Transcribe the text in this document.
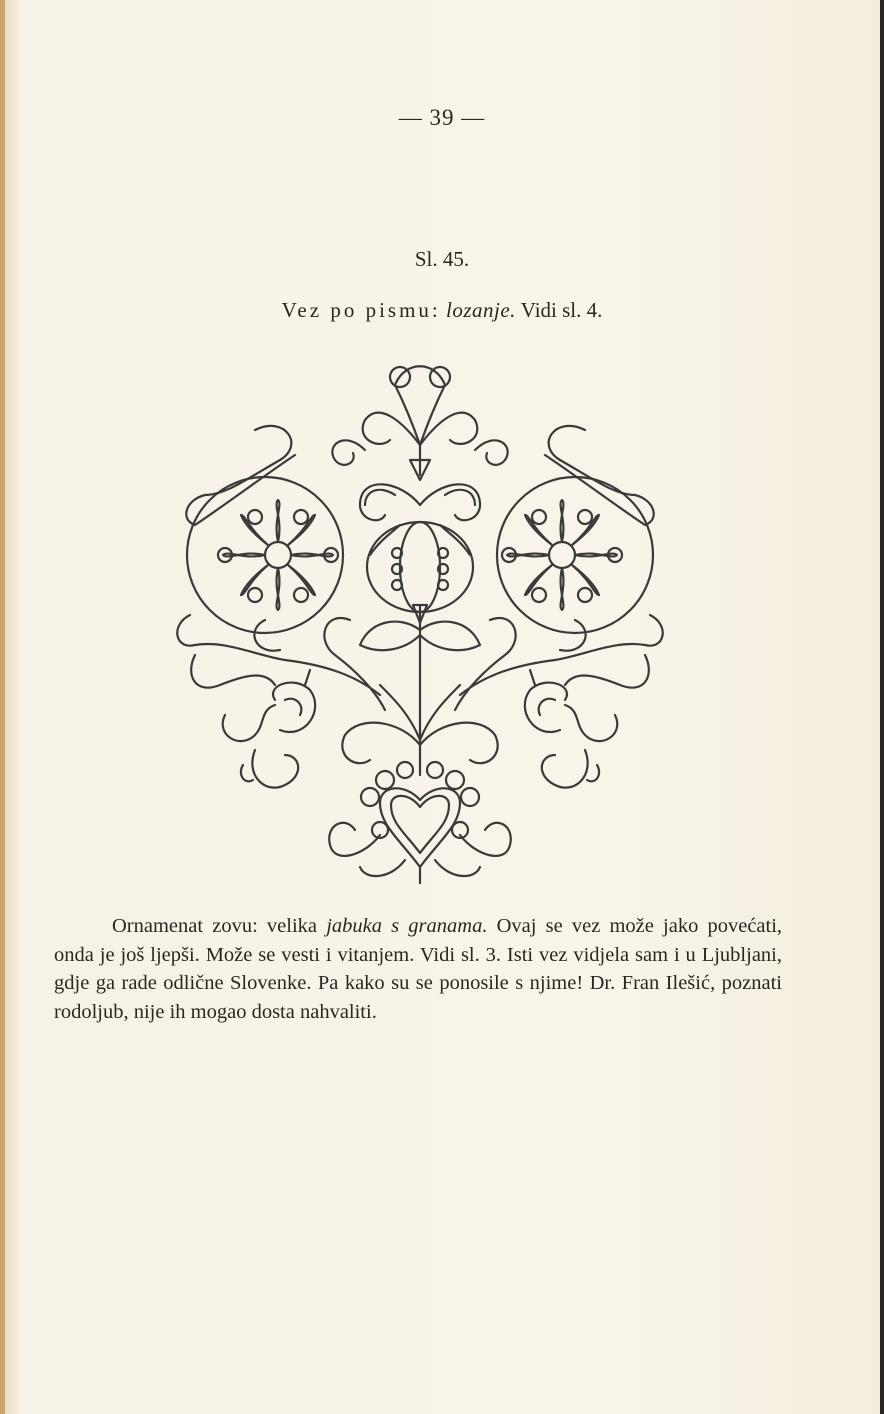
— 39 —
Sl. 45.
Vez po pismu: lozanje. Vidi sl. 4.

Ornamenat zovu: velika jabuka s granama. Ovaj se vez može jako povećati, onda je još ljepši. Može se vesti i vitanjem. Vidi sl. 3. Isti vez vidjela sam i u Ljubljani, gdje ga rade odlične Slovenke. Pa kako su se ponosile s njime! Dr. Fran Ilešić, poznati rodoljub, nije ih mogao dosta nahvaliti.
